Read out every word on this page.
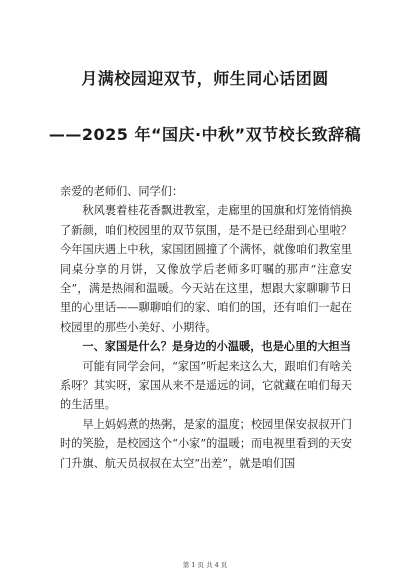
月满校园迎双节，师生同心话团圆
——2025 年“国庆·中秋”双节校长致辞稿

亲爱的老师们、同学们：

秋风裹着桂花香飘进教室，走廊里的国旗和灯笼悄悄换了新颜，咱们校园里的双节氛围，是不是已经甜到心里啦？今年国庆遇上中秋，家国团圆撞了个满怀，就像咱们教室里同桌分享的月饼，又像放学后老师多叮嘱的那声“注意安全”，满是热闹和温暖。今天站在这里，想跟大家聊聊节日里的心里话——聊聊咱们的家、咱们的国，还有咱们一起在校园里的那些小美好、小期待。

一、家国是什么？是身边的小温暖，也是心里的大担当

可能有同学会问，“家国”听起来这么大，跟咱们有啥关系呀？其实呀，家国从来不是遥远的词，它就藏在咱们每天的生活里。

早上妈妈煮的热粥，是家的温度；校园里保安叔叔开门时的笑脸，是校园这个“小家”的温暖；而电视里看到的天安门升旗、航天员叔叔在太空“出差”，就是咱们国

第 1 页 共 4 页
